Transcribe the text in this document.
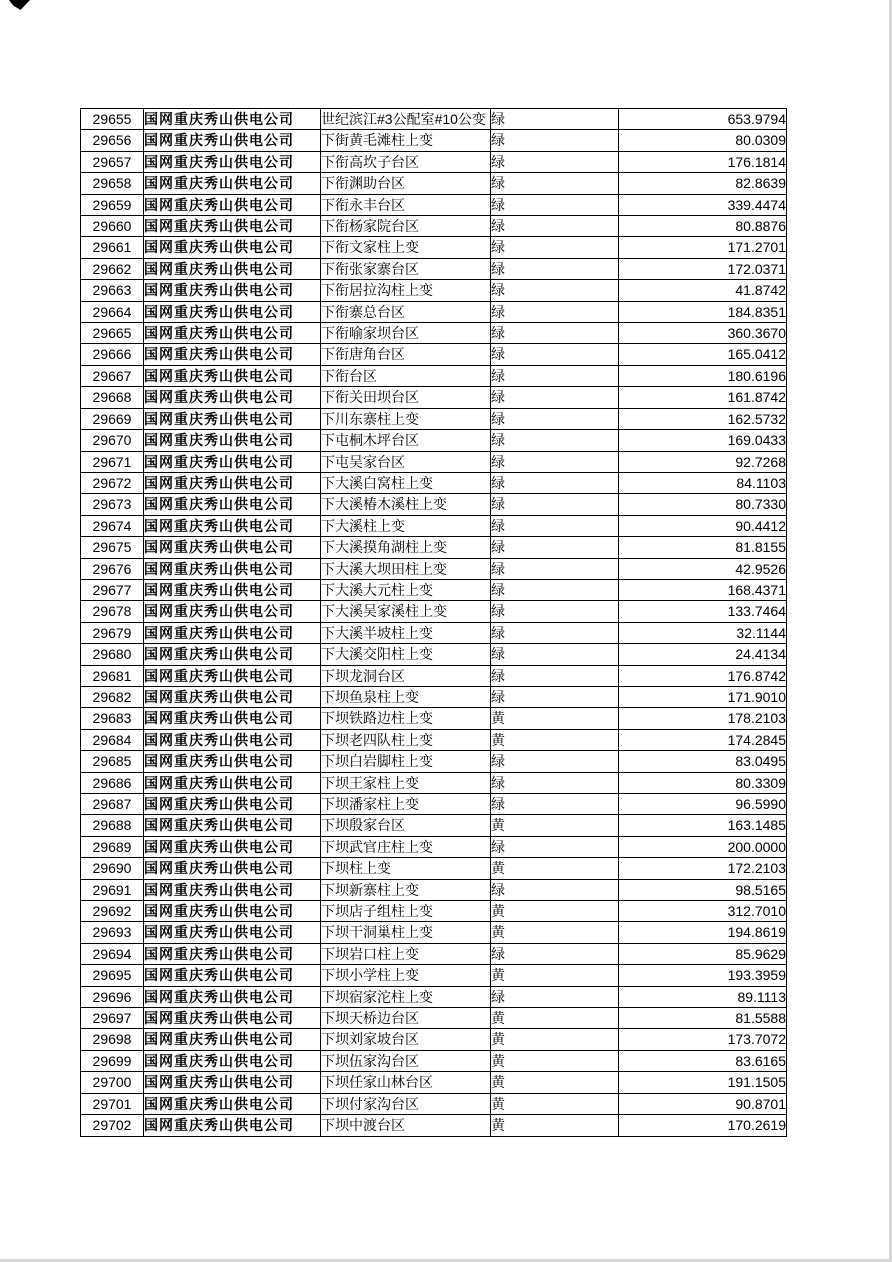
29655	国网重庆秀山供电公司	世纪滨江#3公配室#10公变	绿	653.9794
29656	国网重庆秀山供电公司	下街黄毛滩柱上变	绿	80.0309
29657	国网重庆秀山供电公司	下衔高坎子台区	绿	176.1814
29658	国网重庆秀山供电公司	下衔渊助台区	绿	82.8639
29659	国网重庆秀山供电公司	下衔永丰台区	绿	339.4474
29660	国网重庆秀山供电公司	下衔杨家院台区	绿	80.8876
29661	国网重庆秀山供电公司	下衔文家柱上变	绿	171.2701
29662	国网重庆秀山供电公司	下衔张家寨台区	绿	172.0371
29663	国网重庆秀山供电公司	下衔居拉沟柱上变	绿	41.8742
29664	国网重庆秀山供电公司	下衔寨总台区	绿	184.8351
29665	国网重庆秀山供电公司	下衔喻家坝台区	绿	360.3670
29666	国网重庆秀山供电公司	下衔唐角台区	绿	165.0412
29667	国网重庆秀山供电公司	下衔台区	绿	180.6196
29668	国网重庆秀山供电公司	下衔关田坝台区	绿	161.8742
29669	国网重庆秀山供电公司	下川东寨柱上变	绿	162.5732
29670	国网重庆秀山供电公司	下屯桐木坪台区	绿	169.0433
29671	国网重庆秀山供电公司	下屯吴家台区	绿	92.7268
29672	国网重庆秀山供电公司	下大溪白窝柱上变	绿	84.1103
29673	国网重庆秀山供电公司	下大溪椿木溪柱上变	绿	80.7330
29674	国网重庆秀山供电公司	下大溪柱上变	绿	90.4412
29675	国网重庆秀山供电公司	下大溪摸角湖柱上变	绿	81.8155
29676	国网重庆秀山供电公司	下大溪大坝田柱上变	绿	42.9526
29677	国网重庆秀山供电公司	下大溪大元柱上变	绿	168.4371
29678	国网重庆秀山供电公司	下大溪吴家溪柱上变	绿	133.7464
29679	国网重庆秀山供电公司	下大溪半坡柱上变	绿	32.1144
29680	国网重庆秀山供电公司	下大溪交阳柱上变	绿	24.4134
29681	国网重庆秀山供电公司	下坝龙洞台区	绿	176.8742
29682	国网重庆秀山供电公司	下坝鱼泉柱上变	绿	171.9010
29683	国网重庆秀山供电公司	下坝铁路边柱上变	黄	178.2103
29684	国网重庆秀山供电公司	下坝老四队柱上变	黄	174.2845
29685	国网重庆秀山供电公司	下坝白岩脚柱上变	绿	83.0495
29686	国网重庆秀山供电公司	下坝王家柱上变	绿	80.3309
29687	国网重庆秀山供电公司	下坝潘家柱上变	绿	96.5990
29688	国网重庆秀山供电公司	下坝殷家台区	黄	163.1485
29689	国网重庆秀山供电公司	下坝武官庄柱上变	绿	200.0000
29690	国网重庆秀山供电公司	下坝柱上变	黄	172.2103
29691	国网重庆秀山供电公司	下坝新寨柱上变	绿	98.5165
29692	国网重庆秀山供电公司	下坝店子组柱上变	黄	312.7010
29693	国网重庆秀山供电公司	下坝干洞巢柱上变	黄	194.8619
29694	国网重庆秀山供电公司	下坝岩口柱上变	绿	85.9629
29695	国网重庆秀山供电公司	下坝小学柱上变	黄	193.3959
29696	国网重庆秀山供电公司	下坝宿家沱柱上变	绿	89.1113
29697	国网重庆秀山供电公司	下坝天桥边台区	黄	81.5588
29698	国网重庆秀山供电公司	下坝刘家坡台区	黄	173.7072
29699	国网重庆秀山供电公司	下坝伍家沟台区	黄	83.6165
29700	国网重庆秀山供电公司	下坝任家山林台区	黄	191.1505
29701	国网重庆秀山供电公司	下坝付家沟台区	黄	90.8701
29702	国网重庆秀山供电公司	下坝中渡台区	黄	170.2619
